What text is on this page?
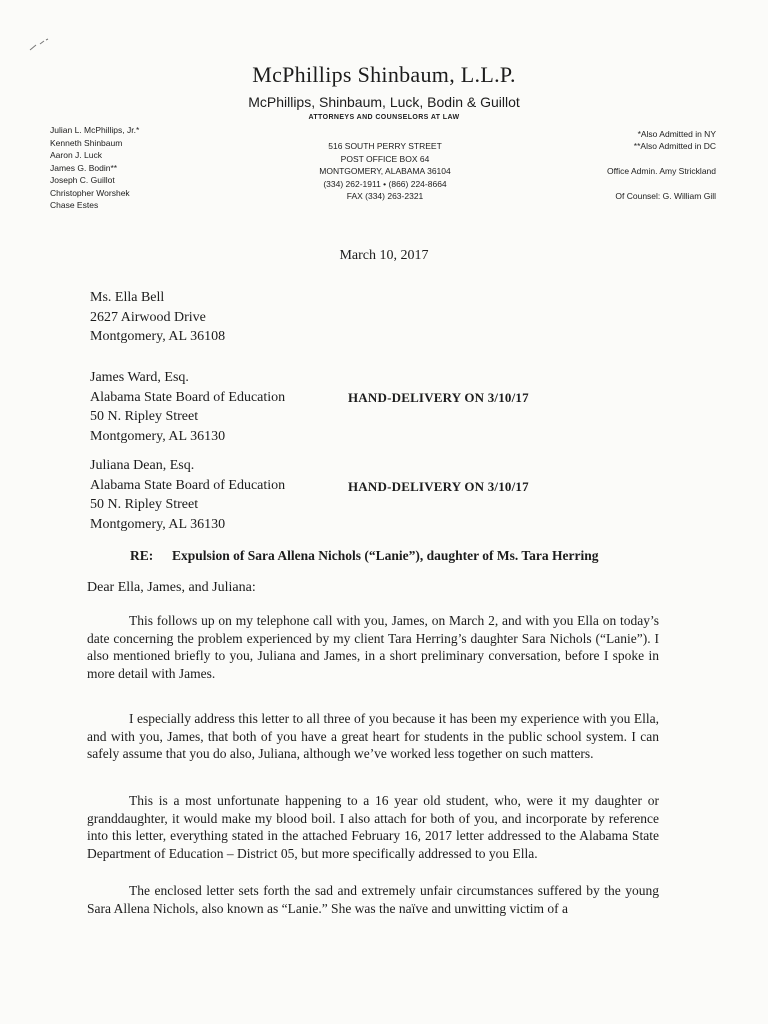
McPhillips Shinbaum, L.L.P.
McPhillips, Shinbaum, Luck, Bodin & Guillot
ATTORNEYS AND COUNSELORS AT LAW
Julian L. McPhillips, Jr.*
Kenneth Shinbaum
Aaron J. Luck
James G. Bodin**
Joseph C. Guillot
Christopher Worshek
Chase Estes
516 SOUTH PERRY STREET
POST OFFICE BOX 64
MONTGOMERY, ALABAMA 36104
(334) 262-1911 • (866) 224-8664
FAX (334) 263-2321
*Also Admitted in NY
**Also Admitted in DC
Office Admin. Amy Strickland
Of Counsel: G. William Gill
March 10, 2017
Ms. Ella Bell
2627 Airwood Drive
Montgomery, AL 36108
James Ward, Esq.
Alabama State Board of Education
50 N. Ripley Street
Montgomery, AL 36130
HAND-DELIVERY ON 3/10/17
Juliana Dean, Esq.
Alabama State Board of Education
50 N. Ripley Street
Montgomery, AL 36130
HAND-DELIVERY ON 3/10/17
RE: Expulsion of Sara Allena Nichols (“Lanie”), daughter of Ms. Tara Herring
Dear Ella, James, and Juliana:
This follows up on my telephone call with you, James, on March 2, and with you Ella on today’s date concerning the problem experienced by my client Tara Herring’s daughter Sara Nichols (“Lanie”). I also mentioned briefly to you, Juliana and James, in a short preliminary conversation, before I spoke in more detail with James.
I especially address this letter to all three of you because it has been my experience with you Ella, and with you, James, that both of you have a great heart for students in the public school system. I can safely assume that you do also, Juliana, although we’ve worked less together on such matters.
This is a most unfortunate happening to a 16 year old student, who, were it my daughter or granddaughter, it would make my blood boil. I also attach for both of you, and incorporate by reference into this letter, everything stated in the attached February 16, 2017 letter addressed to the Alabama State Department of Education – District 05, but more specifically addressed to you Ella.
The enclosed letter sets forth the sad and extremely unfair circumstances suffered by the young Sara Allena Nichols, also known as “Lanie.” She was the naïve and unwitting victim of a
